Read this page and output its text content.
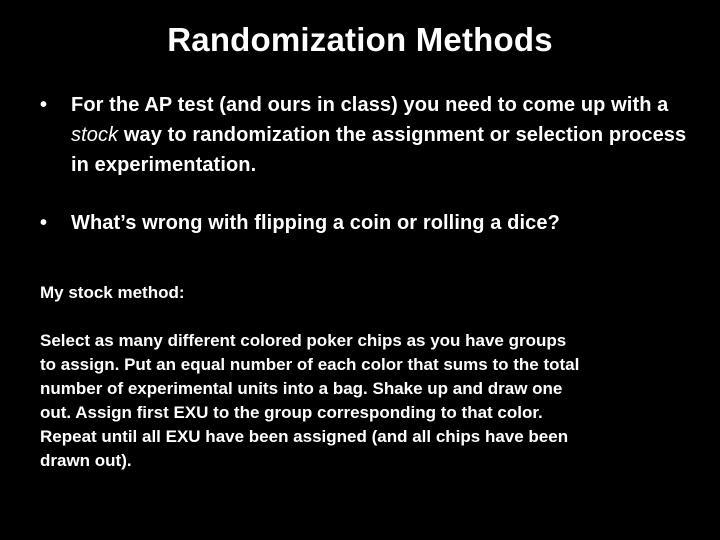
Randomization Methods
•	For the AP test (and ours in class) you need to come up with a stock way to randomization the assignment or selection process in experimentation.
•	What’s wrong with flipping a coin or rolling a dice?
My stock method:
Select as many different colored poker chips as you have groups
to assign. Put an equal number of each color that sums to the total
number of experimental units into a bag. Shake up and draw one
out. Assign first EXU to the group corresponding to that color.
Repeat until all EXU have been assigned (and all chips have been
drawn out).
